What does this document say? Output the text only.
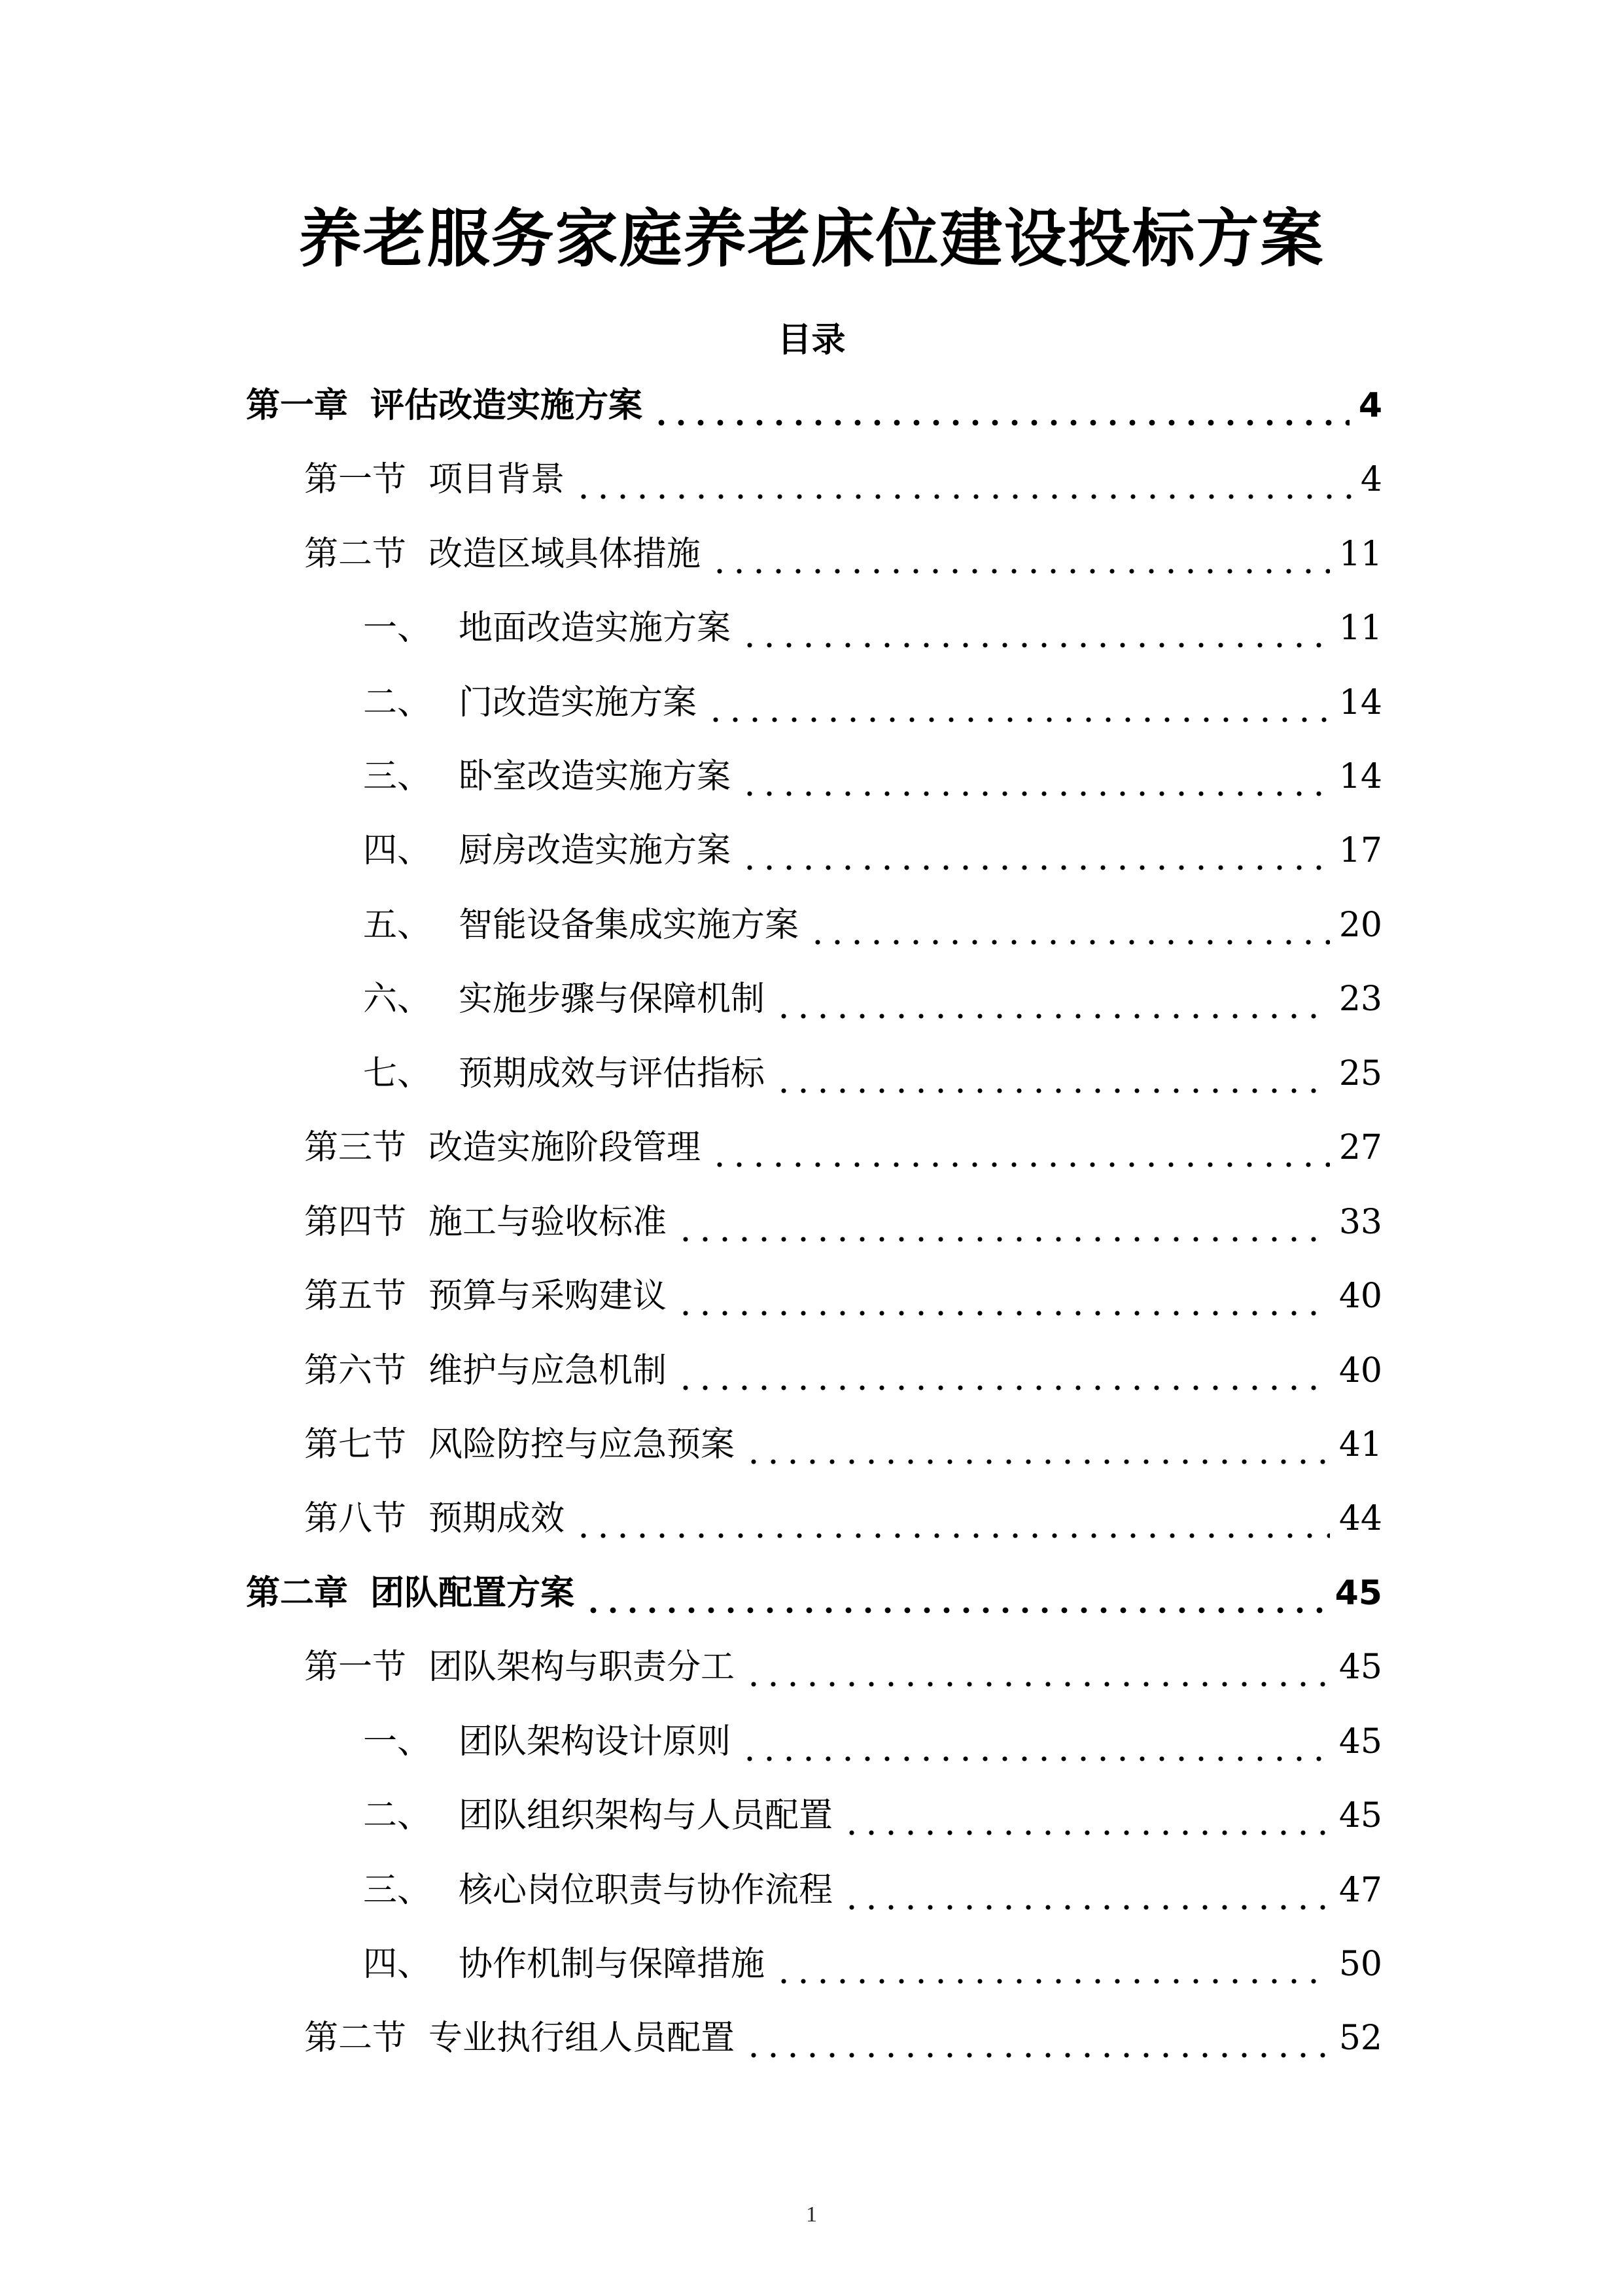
养老服务家庭养老床位建设投标方案
目录
第一章 评估改造实施方案	4
第一节 项目背景	4
第二节 改造区域具体措施	11
一、 地面改造实施方案	11
二、 门改造实施方案	14
三、 卧室改造实施方案	14
四、 厨房改造实施方案	17
五、 智能设备集成实施方案	20
六、 实施步骤与保障机制	23
七、 预期成效与评估指标	25
第三节 改造实施阶段管理	27
第四节 施工与验收标准	33
第五节 预算与采购建议	40
第六节 维护与应急机制	40
第七节 风险防控与应急预案	41
第八节 预期成效	44
第二章 团队配置方案	45
第一节 团队架构与职责分工	45
一、 团队架构设计原则	45
二、 团队组织架构与人员配置	45
三、 核心岗位职责与协作流程	47
四、 协作机制与保障措施	50
第二节 专业执行组人员配置	52
1
